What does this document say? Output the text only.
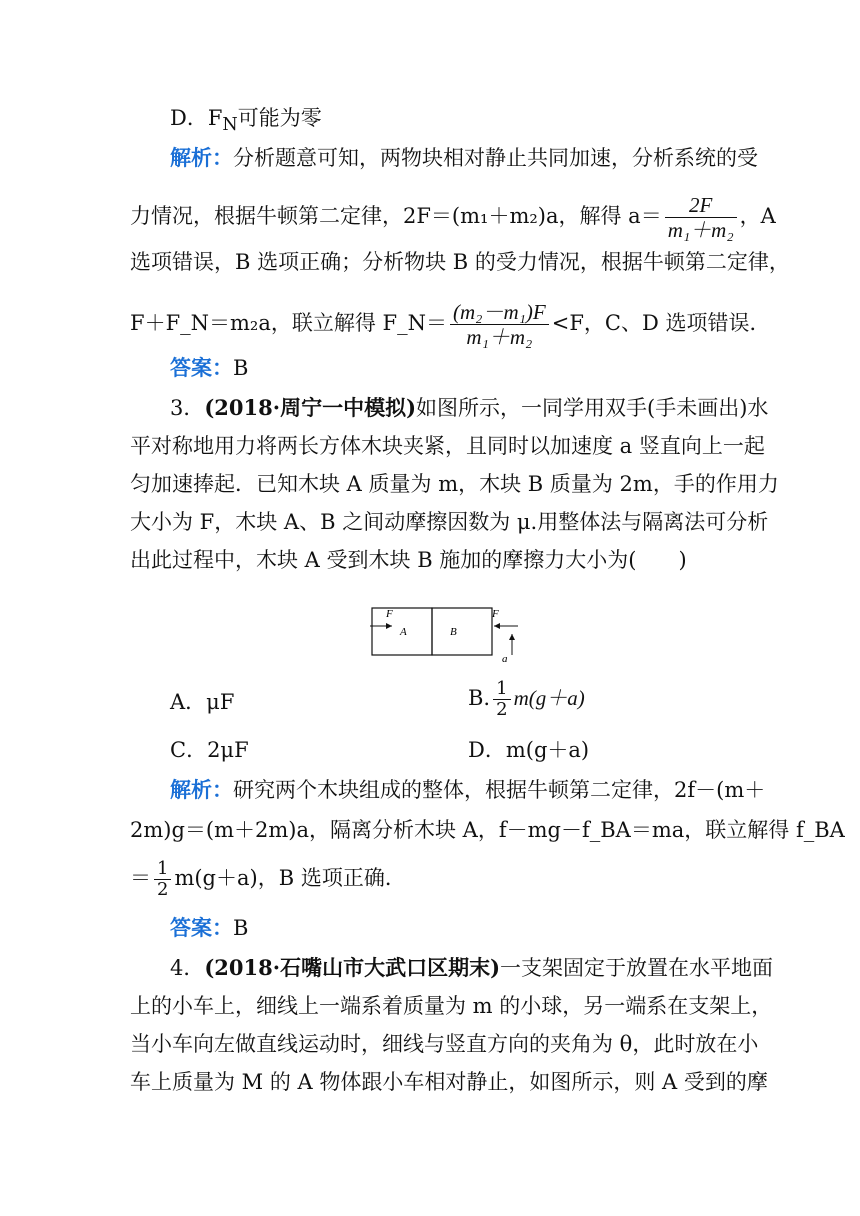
D．$F_N$可能为零
解析：分析题意可知，两物块相对静止共同加速，分析系统的受
力情况，根据牛顿第二定律，2F＝(m₁＋m₂)a，解得 $a= \frac{2F}{\text{m₁＋m₂}}$ ，A
选项错误，B 选项正确；分析物块 B 的受力情况，根据牛顿第二定律，
F＋F_N＝m₂a，联立解得 F_N＝ $\frac{\text{(m₂－m₁)F}}{\text{m₁＋m₂}} <F$，C、D 选项错误．
答案：B
3．(2018·周宁一中模拟)如图所示，一同学用双手(手未画出)水
平对称地用力将两长方体木块夹紧，且同时以加速度 a 竖直向上一起
匀加速捧起．已知木块 A 质量为 m，木块 B 质量为 2m，手的作用力
大小为 F，木块 A、B 之间动摩擦因数为 μ.用整体法与隔离法可分析
出此过程中，木块 A 受到木块 B 施加的摩擦力大小为(　　)
F
A	B
F
a
A．μF	B. $\frac{1}{2} m(g+a)$
C．2μF	D．m(g＋a)
解析：研究两个木块组成的整体，根据牛顿第二定律，2f－(m＋
2m)g＝(m＋2m)a，隔离分析木块 A，f－mg－f_BA＝ma，联立解得 f_BA
＝ $\frac{1}{2} m(g+a)$，B 选项正确．
答案：B
4．(2018·石嘴山市大武口区期末)一支架固定于放置在水平地面
上的小车上，细线上一端系着质量为 m 的小球，另一端系在支架上，
当小车向左做直线运动时，细线与竖直方向的夹角为 θ，此时放在小
车上质量为 M 的 A 物体跟小车相对静止，如图所示，则 A 受到的摩
